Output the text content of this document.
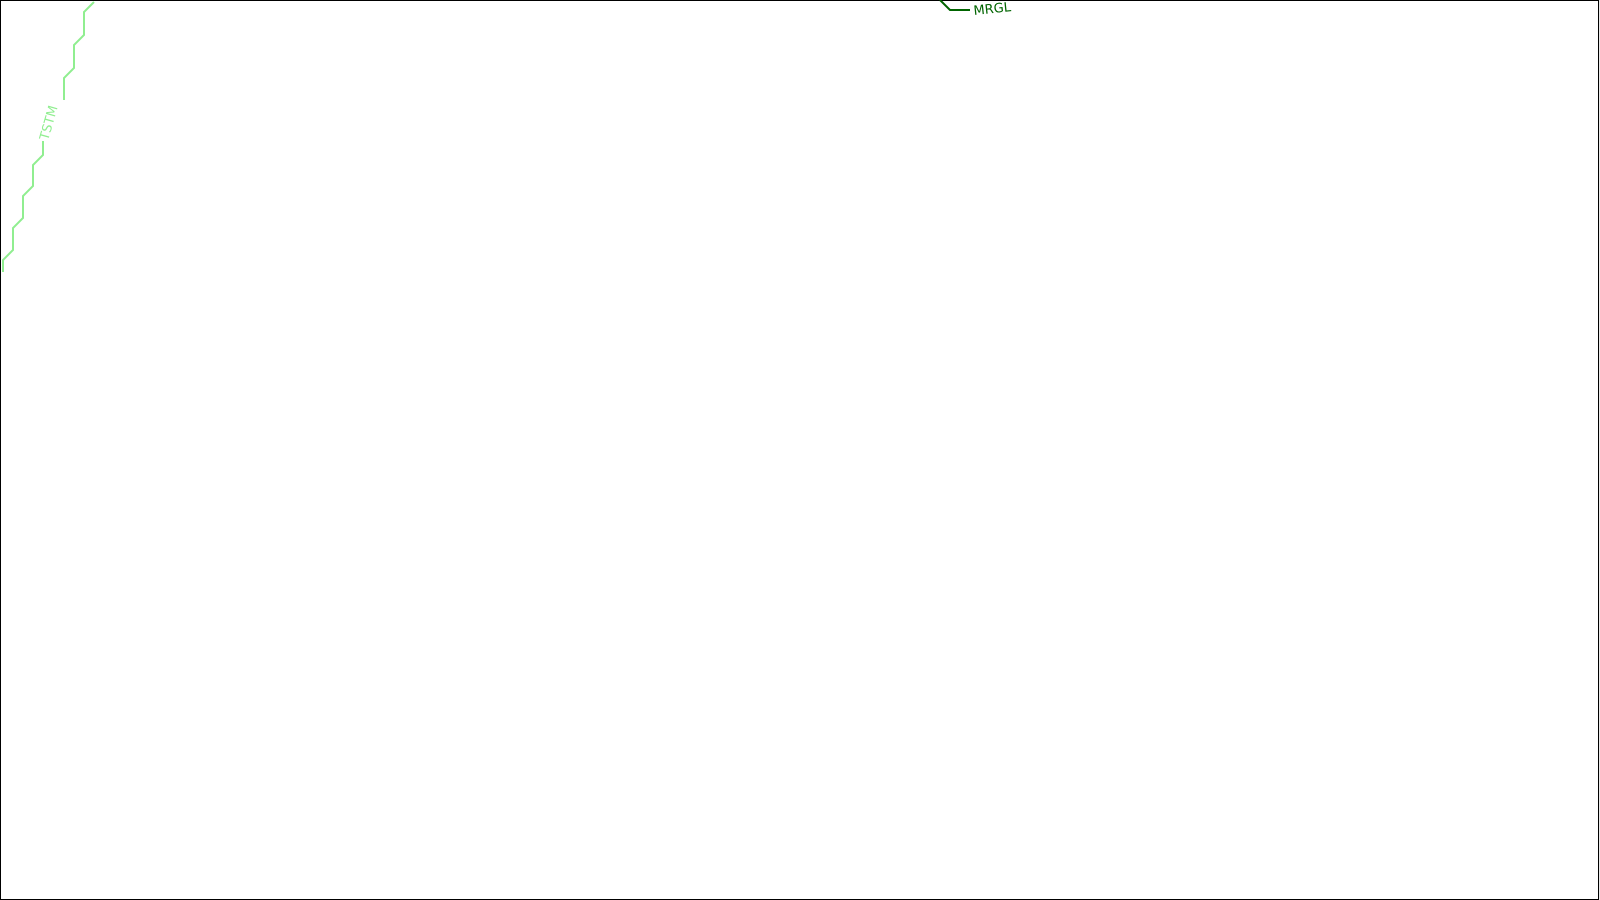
TSTM
MRGL
